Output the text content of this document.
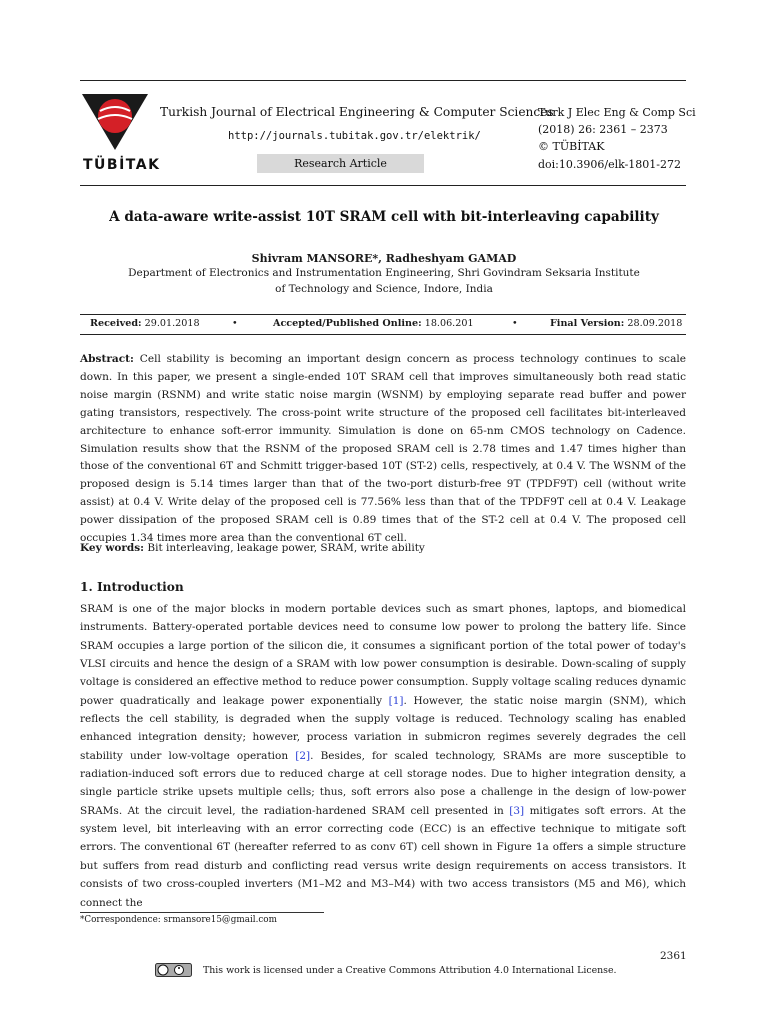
TÜBİTAK
Turkish Journal of Electrical Engineering & Computer Sciences
http://journals.tubitak.gov.tr/elektrik/
Research Article
Turk J Elec Eng & Comp Sci
(2018) 26: 2361 – 2373
© TÜBİTAK
doi:10.3906/elk-1801-272
A data-aware write-assist 10T SRAM cell with bit-interleaving capability
Shivram MANSORE*, Radheshyam GAMAD
Department of Electronics and Instrumentation Engineering, Shri Govindram Seksaria Institute
of Technology and Science, Indore, India
Received: 29.01.2018	•	Accepted/Published Online: 18.06.201	•	Final Version: 28.09.2018
Abstract: Cell stability is becoming an important design concern as process technology continues to scale down. In this paper, we present a single-ended 10T SRAM cell that improves simultaneously both read static noise margin (RSNM) and write static noise margin (WSNM) by employing separate read buffer and power gating transistors, respectively. The cross-point write structure of the proposed cell facilitates bit-interleaved architecture to enhance soft-error immunity. Simulation is done on 65-nm CMOS technology on Cadence. Simulation results show that the RSNM of the proposed SRAM cell is 2.78 times and 1.47 times higher than those of the conventional 6T and Schmitt trigger-based 10T (ST-2) cells, respectively, at 0.4 V. The WSNM of the proposed design is 5.14 times larger than that of the two-port disturb-free 9T (TPDF9T) cell (without write assist) at 0.4 V. Write delay of the proposed cell is 77.56% less than that of the TPDF9T cell at 0.4 V. Leakage power dissipation of the proposed SRAM cell is 0.89 times that of the ST-2 cell at 0.4 V. The proposed cell occupies 1.34 times more area than the conventional 6T cell.
Key words: Bit interleaving, leakage power, SRAM, write ability
1. Introduction
SRAM is one of the major blocks in modern portable devices such as smart phones, laptops, and biomedical instruments. Battery-operated portable devices need to consume low power to prolong the battery life. Since SRAM occupies a large portion of the silicon die, it consumes a significant portion of the total power of today's VLSI circuits and hence the design of a SRAM with low power consumption is desirable. Down-scaling of supply voltage is considered an effective method to reduce power consumption. Supply voltage scaling reduces dynamic power quadratically and leakage power exponentially [1]. However, the static noise margin (SNM), which reflects the cell stability, is degraded when the supply voltage is reduced. Technology scaling has enabled enhanced integration density; however, process variation in submicron regimes severely degrades the cell stability under low-voltage operation [2]. Besides, for scaled technology, SRAMs are more susceptible to radiation-induced soft errors due to reduced charge at cell storage nodes. Due to higher integration density, a single particle strike upsets multiple cells; thus, soft errors also pose a challenge in the design of low-power SRAMs. At the circuit level, the radiation-hardened SRAM cell presented in [3] mitigates soft errors. At the system level, bit interleaving with an error correcting code (ECC) is an effective technique to mitigate soft errors. The conventional 6T (hereafter referred to as conv 6T) cell shown in Figure 1a offers a simple structure but suffers from read disturb and conflicting read versus write design requirements on access transistors. It consists of two cross-coupled inverters (M1–M2 and M3–M4) with two access transistors (M5 and M6), which connect the
*Correspondence: srmansore15@gmail.com
2361
This work is licensed under a Creative Commons Attribution 4.0 International License.
